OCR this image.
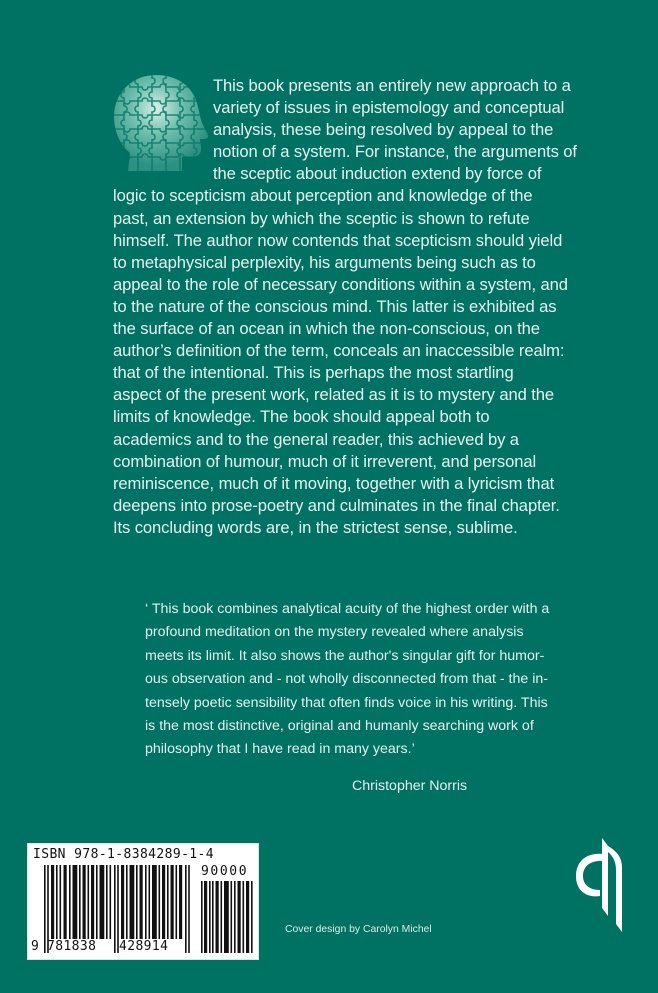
This book presents an entirely new approach to a
variety of issues in epistemology and conceptual
analysis, these being resolved by appeal to the
notion of a system. For instance, the arguments of
the sceptic about induction extend by force of
logic to scepticism about perception and knowledge of the
past, an extension by which the sceptic is shown to refute
himself. The author now contends that scepticism should yield
to metaphysical perplexity, his arguments being such as to
appeal to the role of necessary conditions within a system, and
to the nature of the conscious mind. This latter is exhibited as
the surface of an ocean in which the non-conscious, on the
author’s definition of the term, conceals an inaccessible realm:
that of the intentional. This is perhaps the most startling
aspect of the present work, related as it is to mystery and the
limits of knowledge. The book should appeal both to
academics and to the general reader, this achieved by a
combination of humour, much of it irreverent, and personal
reminiscence, much of it moving, together with a lyricism that
deepens into prose-poetry and culminates in the final chapter.
Its concluding words are, in the strictest sense, sublime.
‘ This book combines analytical acuity of the highest order with a
profound meditation on the mystery revealed where analysis
meets its limit. It also shows the author's singular gift for humor-
ous observation and - not wholly disconnected from that - the in-
tensely poetic sensibility that often finds voice in his writing. This
is the most distinctive, original and humanly searching work of
philosophy that I have read in many years.’
Christopher Norris
ISBN 978-1-8384289-1-4
90000
9 781838 428914
Cover design by Carolyn Michel
